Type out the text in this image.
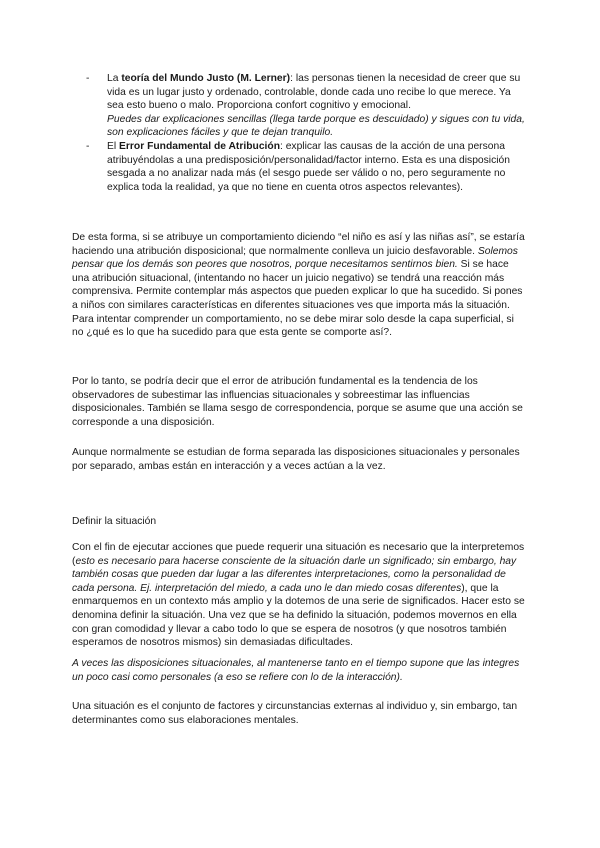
- La teoría del Mundo Justo (M. Lerner): las personas tienen la necesidad de creer que su vida es un lugar justo y ordenado, controlable, donde cada uno recibe lo que merece. Ya sea esto bueno o malo. Proporciona confort cognitivo y emocional.
Puedes dar explicaciones sencillas (llega tarde porque es descuidado) y sigues con tu vida, son explicaciones fáciles y que te dejan tranquilo.
- El Error Fundamental de Atribución: explicar las causas de la acción de una persona atribuyéndolas a una predisposición/personalidad/factor interno. Esta es una disposición sesgada a no analizar nada más (el sesgo puede ser válido o no, pero seguramente no explica toda la realidad, ya que no tiene en cuenta otros aspectos relevantes).

De esta forma, si se atribuye un comportamiento diciendo “el niño es así y las niñas así”, se estaría haciendo una atribución disposicional; que normalmente conlleva un juicio desfavorable. Solemos pensar que los demás son peores que nosotros, porque necesitamos sentirnos bien. Si se hace una atribución situacional, (intentando no hacer un juicio negativo) se tendrá una reacción más comprensiva. Permite contemplar más aspectos que pueden explicar lo que ha sucedido. Si pones a niños con similares características en diferentes situaciones ves que importa más la situación. Para intentar comprender un comportamiento, no se debe mirar solo desde la capa superficial, si no ¿qué es lo que ha sucedido para que esta gente se comporte así?.

Por lo tanto, se podría decir que el error de atribución fundamental es la tendencia de los observadores de subestimar las influencias situacionales y sobreestimar las influencias disposicionales. También se llama sesgo de correspondencia, porque se asume que una acción se corresponde a una disposición.

Aunque normalmente se estudian de forma separada las disposiciones situacionales y personales por separado, ambas están en interacción y a veces actúan a la vez.

Definir la situación

Con el fin de ejecutar acciones que puede requerir una situación es necesario que la interpretemos (esto es necesario para hacerse consciente de la situación darle un significado; sin embargo, hay también cosas que pueden dar lugar a las diferentes interpretaciones, como la personalidad de cada persona. Ej. interpretación del miedo, a cada uno le dan miedo cosas diferentes), que la enmarquemos en un contexto más amplio y la dotemos de una serie de significados. Hacer esto se denomina definir la situación. Una vez que se ha definido la situación, podemos movernos en ella con gran comodidad y llevar a cabo todo lo que se espera de nosotros (y que nosotros también esperamos de nosotros mismos) sin demasiadas dificultades.

A veces las disposiciones situacionales, al mantenerse tanto en el tiempo supone que las integres un poco casi como personales (a eso se refiere con lo de la interacción).

Una situación es el conjunto de factores y circunstancias externas al individuo y, sin embargo, tan determinantes como sus elaboraciones mentales.
